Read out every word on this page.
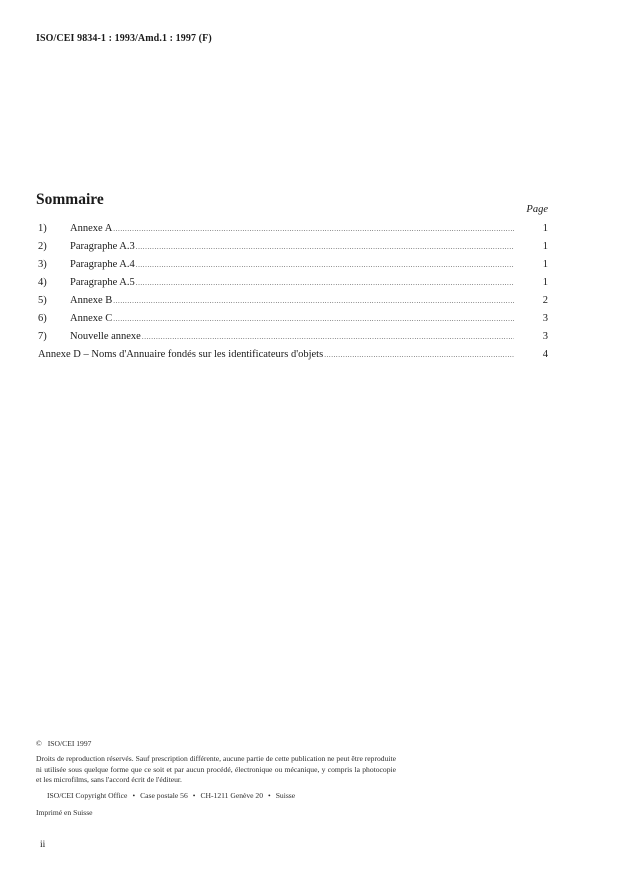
ISO/CEI 9834-1 : 1993/Amd.1 : 1997 (F)
Sommaire
Page
1)	Annexe A .....	1
2)	Paragraphe A.3 .....	1
3)	Paragraphe A.4 .....	1
4)	Paragraphe A.5 .....	1
5)	Annexe B .....	2
6)	Annexe C .....	3
7)	Nouvelle annexe .....	3
Annexe D – Noms d'Annuaire fondés sur les identificateurs d'objets .....	4

© ISO/CEI 1997

Droits de reproduction réservés. Sauf prescription différente, aucune partie de cette publication ne peut être reproduite ni utilisée sous quelque forme que ce soit et par aucun procédé, électronique ou mécanique, y compris la photocopie et les microfilms, sans l'accord écrit de l'éditeur.

ISO/CEI Copyright Office • Case postale 56 • CH-1211 Genève 20 • Suisse

Imprimé en Suisse

ii
